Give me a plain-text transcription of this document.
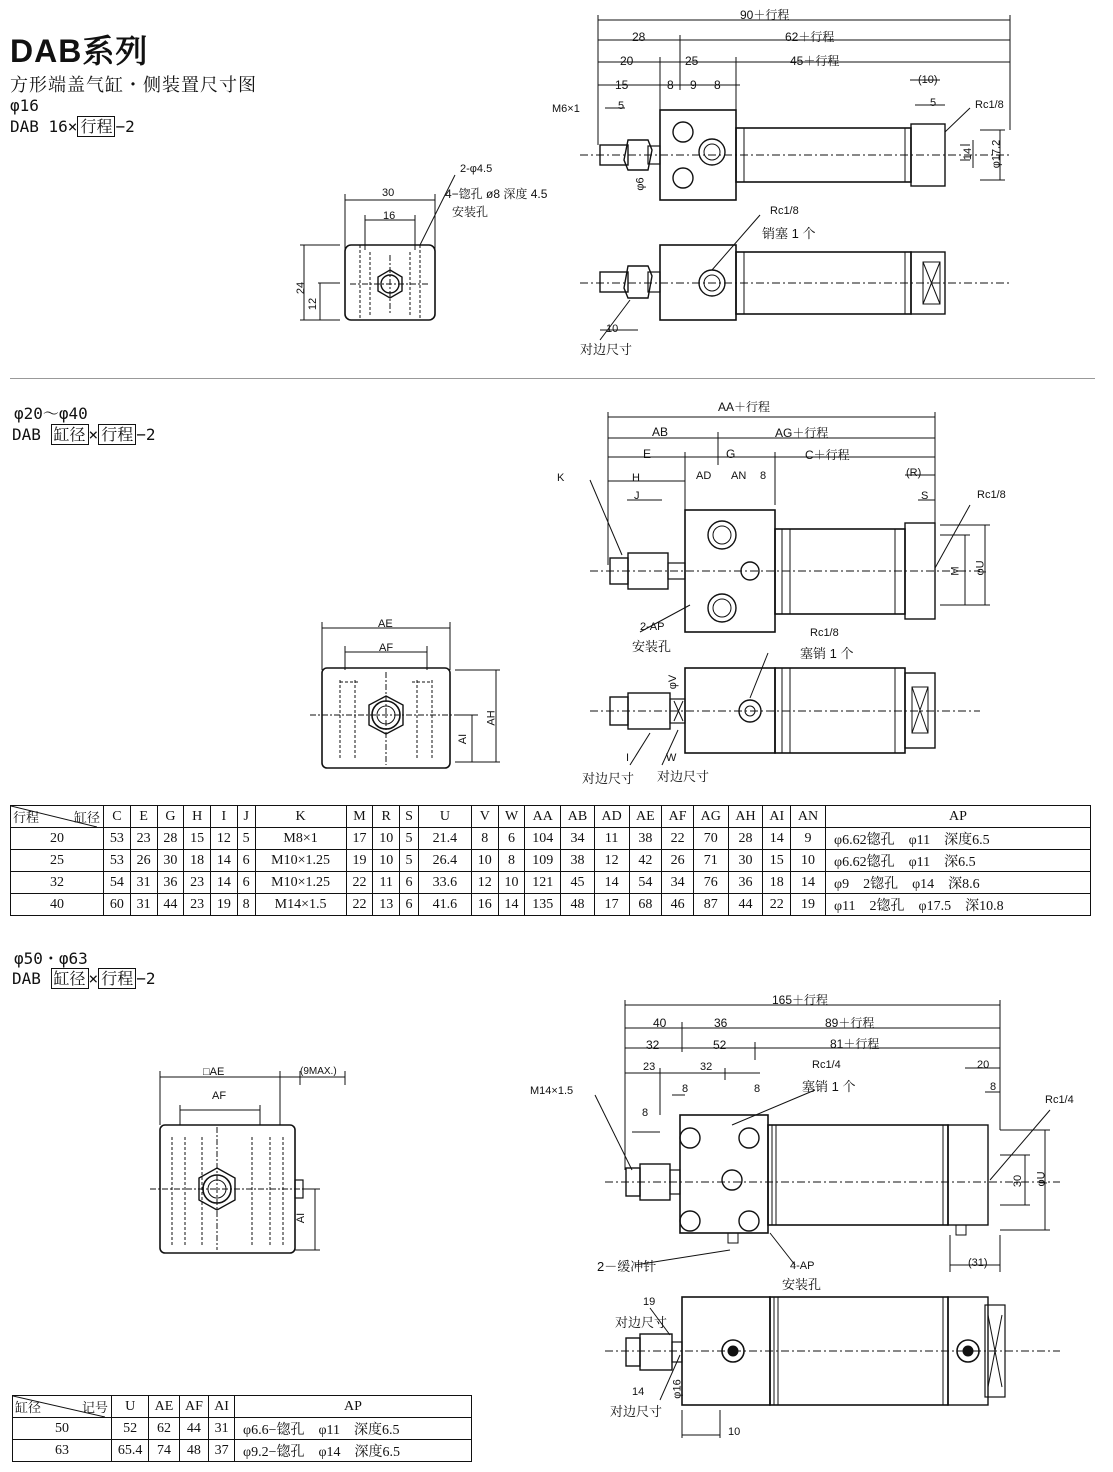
DAB系列
方形端盖气缸・侧装置尺寸图
φ16
DAB 16× 行程 −2
2-φ4.5
4−锪孔 ø8 深度 4.5
安装孔
30
16
24
12
90＋行程
28	62＋行程
20	25	45＋行程
15	8 9 8	(10)
M6×1	5	5	Rc1/8
14 φ17.2
φ6
Rc1/8
销塞 1 个
10
对边尺寸
φ20～φ40
DAB 缸径 × 行程 −2
AE
AF
AI
AH
AA＋行程
AB	AG＋行程
E	G	C＋行程
K	H	AD AN 8	(R)
J	S	Rc1/8
M φU
2-AP
安装孔
Rc1/8
塞销 1 个
φV
I	W
对边尺寸 对边尺寸
缸径
行程	C	E	G	H	I	J	K	M	R	S	U	V	W	AA	AB	AD	AE	AF	AG	AH	AI	AN	AP
20	53	23	28	15	12	5	M8×1	17	10	5	21.4	8	6	104	34	11	38	22	70	28	14	9	φ6.62锪孔　φ11　深度6.5
25	53	26	30	18	14	6	M10×1.25	19	10	5	26.4	10	8	109	38	12	42	26	71	30	15	10	φ6.62锪孔　φ11　深6.5
32	54	31	36	23	14	6	M10×1.25	22	11	6	33.6	12	10	121	45	14	54	34	76	36	18	14	φ9　2锪孔　φ14　深8.6
40	60	31	44	23	19	8	M14×1.5	22	13	6	41.6	16	14	135	48	17	68	46	87	44	22	19	φ11　2锪孔　φ17.5　深10.8
φ50・φ63
DAB 缸径 × 行程 −2
□AE	(9MAX.)
AF
AI
165＋行程
40	36	89＋行程
32	52	81＋行程
Rc1/4
23	32	20
8	8	8
塞销 1 个
M14×1.5
8
Rc1/4
30 φU
2－缓冲针	4-AP
安装孔
(31)
19
对边尺寸
14
对边尺寸
φ16
10
记号
缸径	U	AE	AF	AI	AP
50	52	62	44	31	φ6.6−锪孔　φ11　深度6.5
63	65.4	74	48	37	φ9.2−锪孔　φ14　深度6.5
